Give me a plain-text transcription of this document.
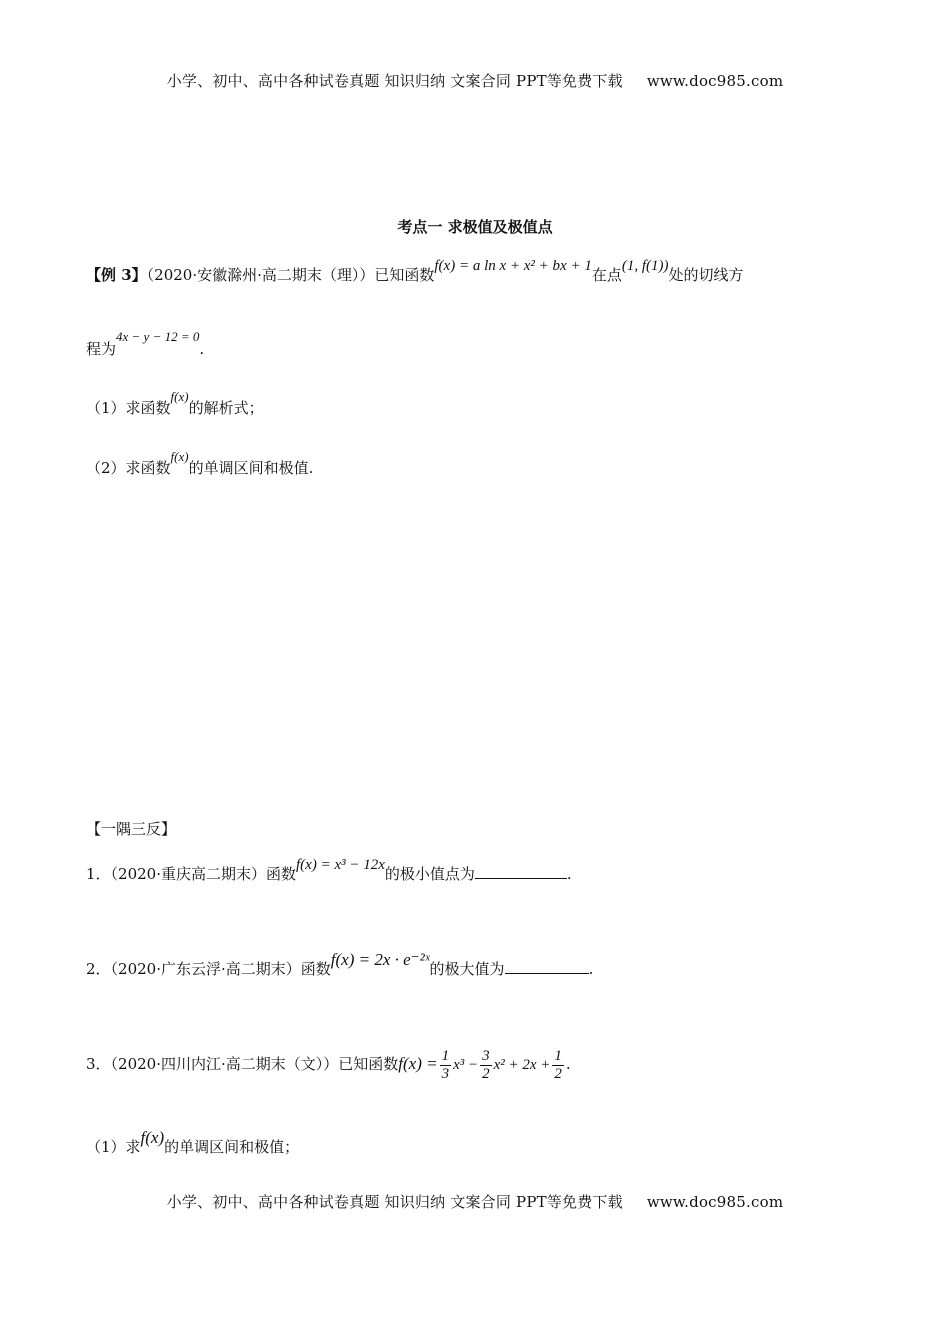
小学、初中、高中各种试卷真题 知识归纳 文案合同 PPT等免费下载 www.doc985.com
考点一 求极值及极值点
【例 3】（2020·安徽滁州·高二期末（理））已知函数f(x) = a ln x + x² + bx + 1在点(1, f(1))处的切线方
程为4x − y − 12 = 0.
（1）求函数f(x)的解析式；
（2）求函数f(x)的单调区间和极值.
【一隅三反】
1．（2020·重庆高二期末）函数f(x) = x³ − 12x的极小值点为	.
2．（2020·广东云浮·高二期末）函数f(x) = 2x · e⁻²ˣ的极大值为	.
3．（2020·四川内江·高二期末（文））已知函数$f(x) = \frac{1}{3} x^3 - \frac{3}{2} x^2 + 2x + \frac{1}{2}$ .
（1）求f(x)的单调区间和极值；
小学、初中、高中各种试卷真题 知识归纳 文案合同 PPT等免费下载 www.doc985.com
